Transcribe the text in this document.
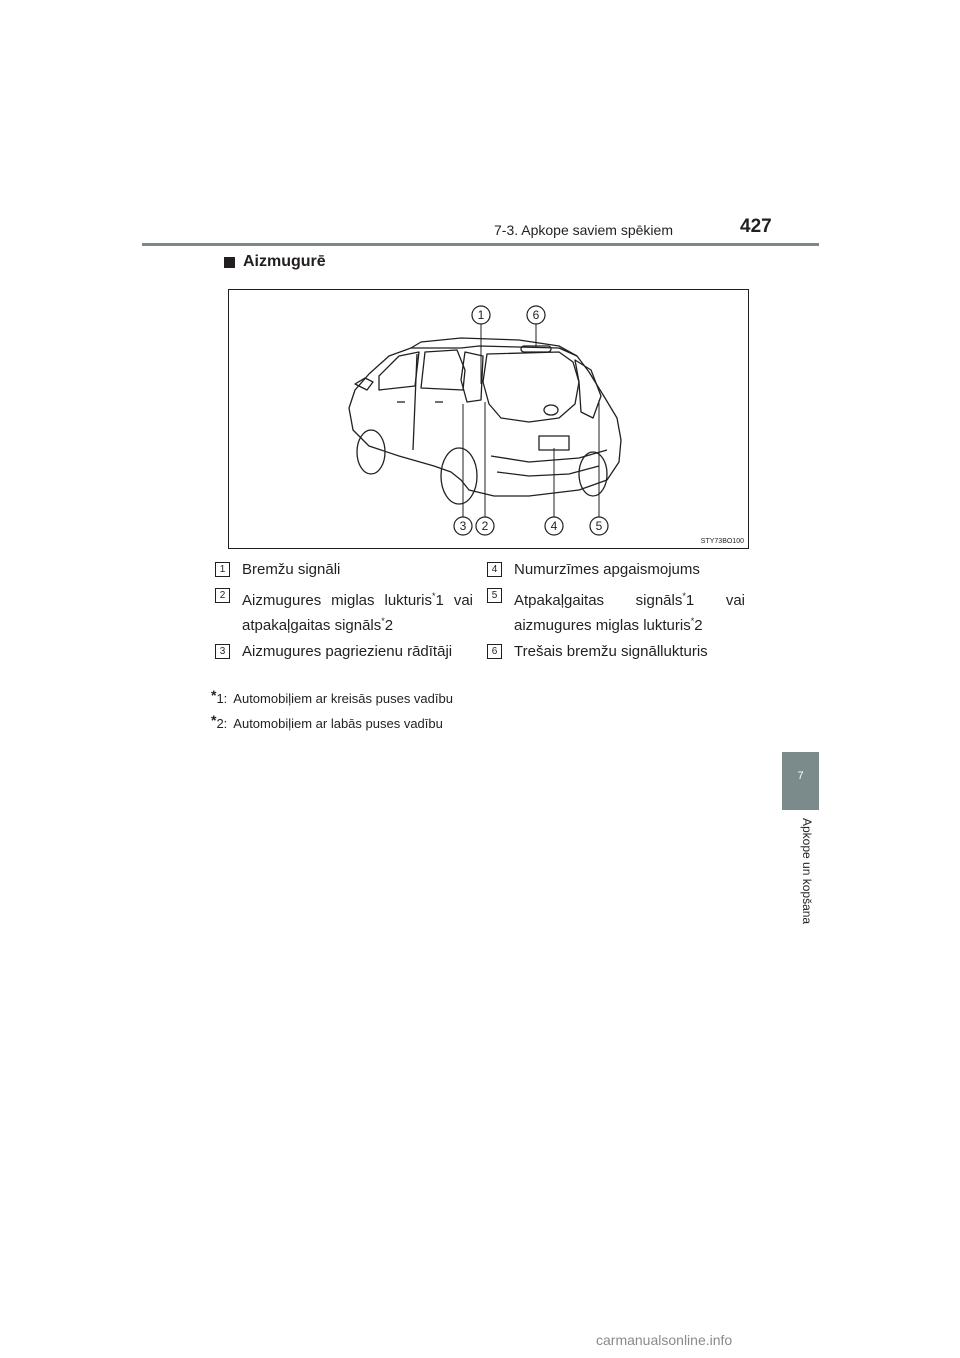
7-3. Apkope saviem spēkiem	427
Aizmugurē
1	6
3 2	4	5
STY73BO100
1	Bremžu signāli
2	Aizmugures miglas lukturis*1 vai atpakaļgaitas signāls*2
3	Aizmugures pagriezienu rādītāji
4	Numurzīmes apgaismojums
5	Atpakaļgaitas signāls*1 vai aizmugures miglas lukturis*2
6	Trešais bremžu signāllukturis
*1: Automobiļiem ar kreisās puses vadību
*2: Automobiļiem ar labās puses vadību
7
Apkope un kopšana
carmanualsonline.info
